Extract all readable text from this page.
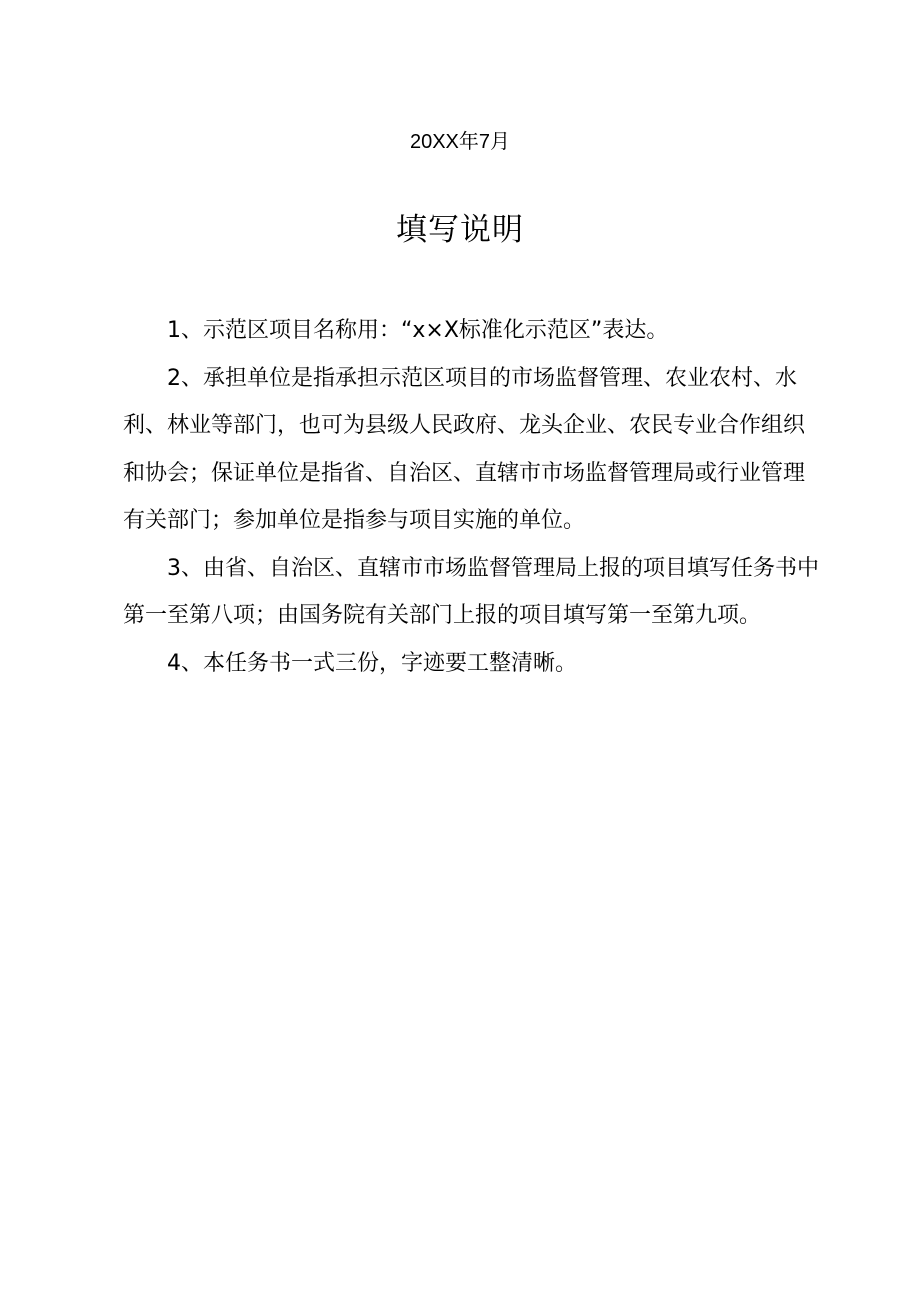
20XX年7月
填写说明

1、示范区项目名称用：“x×X标准化示范区”表达。

2、承担单位是指承担示范区项目的市场监督管理、农业农村、水利、林业等部门，也可为县级人民政府、龙头企业、农民专业合作组织和协会；保证单位是指省、自治区、直辖市市场监督管理局或行业管理有关部门；参加单位是指参与项目实施的单位。

3、由省、自治区、直辖市市场监督管理局上报的项目填写任务书中第一至第八项；由国务院有关部门上报的项目填写第一至第九项。

4、本任务书一式三份，字迹要工整清晰。
